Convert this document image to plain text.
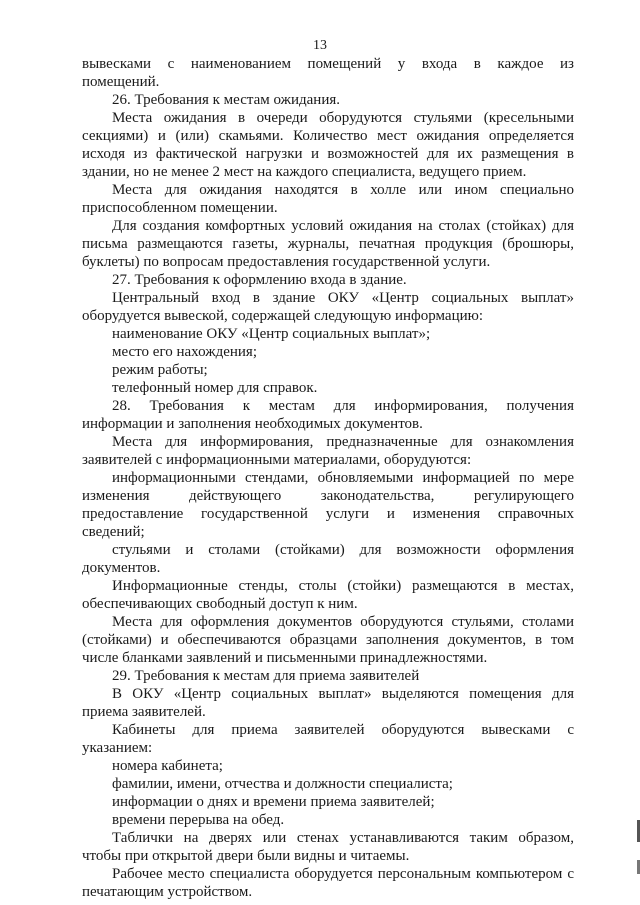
13
вывесками с наименованием помещений у входа в каждое из
помещений.
26. Требования к местам ожидания.
Места ожидания в очереди оборудуются стульями (кресельными
секциями) и (или) скамьями. Количество мест ожидания определяется
исходя из фактической нагрузки и возможностей для их размещения в
здании, но не менее 2 мест на каждого специалиста, ведущего прием.
Места для ожидания находятся в холле или ином специально
приспособленном помещении.
Для создания комфортных условий ожидания на столах (стойках) для
письма размещаются газеты, журналы, печатная продукция (брошюры,
буклеты) по вопросам предоставления государственной услуги.
27. Требования к оформлению входа в здание.
Центральный вход в здание ОКУ «Центр социальных выплат»
оборудуется вывеской, содержащей следующую информацию:
наименование ОКУ «Центр социальных выплат»;
место его нахождения;
режим работы;
телефонный номер для справок.
28. Требования к местам для информирования, получения
информации и заполнения необходимых документов.
Места для информирования, предназначенные для ознакомления
заявителей с информационными материалами, оборудуются:
информационными стендами, обновляемыми информацией по мере
изменения действующего законодательства, регулирующего
предоставление государственной услуги и изменения справочных
сведений;
стульями и столами (стойками) для возможности оформления
документов.
Информационные стенды, столы (стойки) размещаются в местах,
обеспечивающих свободный доступ к ним.
Места для оформления документов оборудуются стульями, столами
(стойками) и обеспечиваются образцами заполнения документов, в том
числе бланками заявлений и письменными принадлежностями.
29. Требования к местам для приема заявителей
В ОКУ «Центр социальных выплат» выделяются помещения для
приема заявителей.
Кабинеты для приема заявителей оборудуются вывесками с
указанием:
номера кабинета;
фамилии, имени, отчества и должности специалиста;
информации о днях и времени приема заявителей;
времени перерыва на обед.
Таблички на дверях или стенах устанавливаются таким образом,
чтобы при открытой двери были видны и читаемы.
Рабочее место специалиста оборудуется персональным компьютером с
печатающим устройством.
